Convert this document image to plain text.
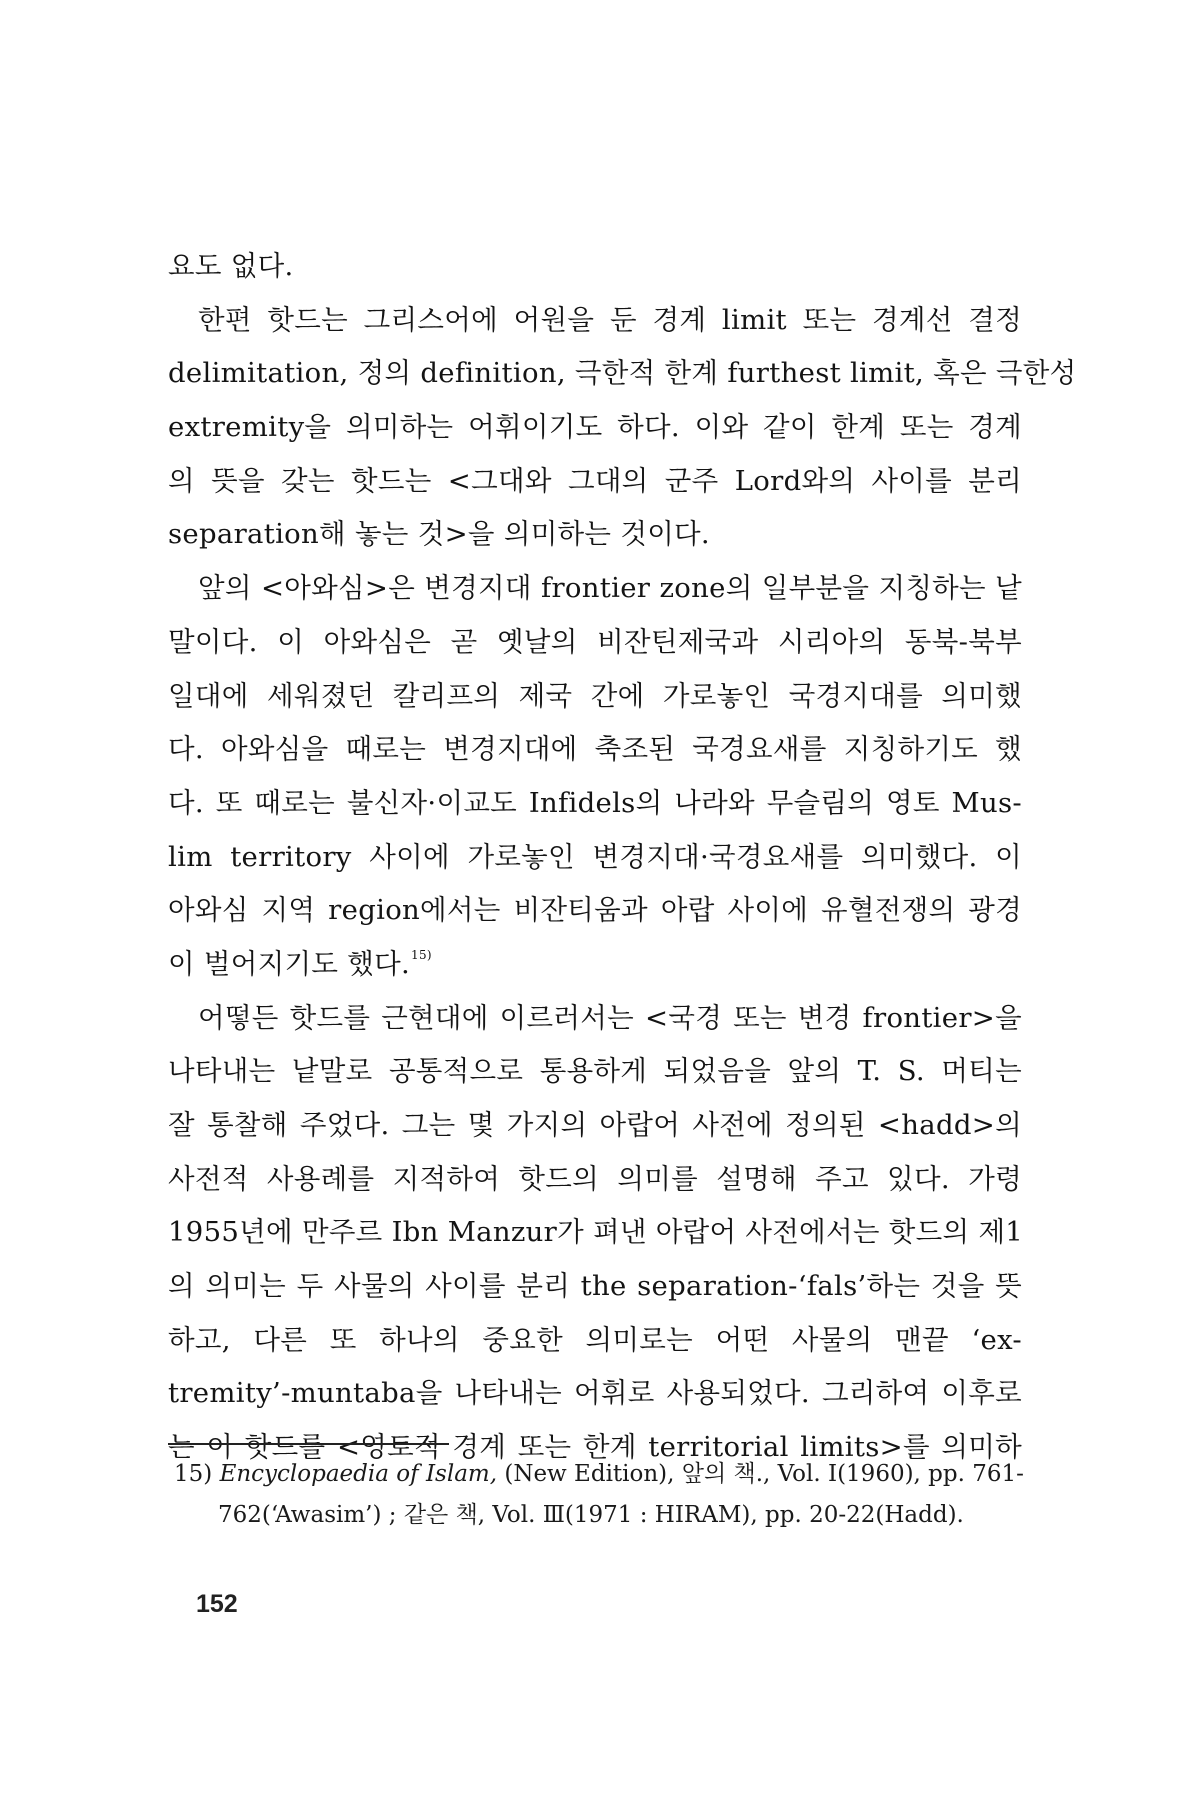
요도 없다.
한편 핫드는 그리스어에 어원을 둔 경계 limit 또는 경계선 결정
delimitation, 정의 definition, 극한적 한계 furthest limit, 혹은 극한성
extremity을 의미하는 어휘이기도 하다. 이와 같이 한계 또는 경계
의 뜻을 갖는 핫드는 <그대와 그대의 군주 Lord와의 사이를 분리
separation해 놓는 것>을 의미하는 것이다.
앞의 <아와심>은 변경지대 frontier zone의 일부분을 지칭하는 낱
말이다. 이 아와심은 곧 옛날의 비잔틴제국과 시리아의 동북-북부
일대에 세워졌던 칼리프의 제국 간에 가로놓인 국경지대를 의미했
다. 아와심을 때로는 변경지대에 축조된 국경요새를 지칭하기도 했
다. 또 때로는 불신자·이교도 Infidels의 나라와 무슬림의 영토 Mus-
lim territory 사이에 가로놓인 변경지대·국경요새를 의미했다. 이
아와심 지역 region에서는 비잔티움과 아랍 사이에 유혈전쟁의 광경
이 벌어지기도 했다.$^{15)}$
어떻든 핫드를 근현대에 이르러서는 <국경 또는 변경 frontier>을
나타내는 낱말로 공통적으로 통용하게 되었음을 앞의 T. S. 머티는
잘 통찰해 주었다. 그는 몇 가지의 아랍어 사전에 정의된 <hadd>의
사전적 사용례를 지적하여 핫드의 의미를 설명해 주고 있다. 가령
1955년에 만주르 Ibn Manzur가 펴낸 아랍어 사전에서는 핫드의 제1
의 의미는 두 사물의 사이를 분리 the separation-‘fals’하는 것을 뜻
하고, 다른 또 하나의 중요한 의미로는 어떤 사물의 맨끝 ‘ex-
tremity’-muntaba을 나타내는 어휘로 사용되었다. 그리하여 이후로
는 이 핫드를 <영토적 경계 또는 한계 territorial limits>를 의미하
15) Encyclopaedia of Islam, (New Edition), 앞의 책., Vol. Ⅰ(1960), pp. 761-
762(‘Awasim’) ; 같은 책, Vol. Ⅲ(1971 : HIRAM), pp. 20-22(Hadd).
152
